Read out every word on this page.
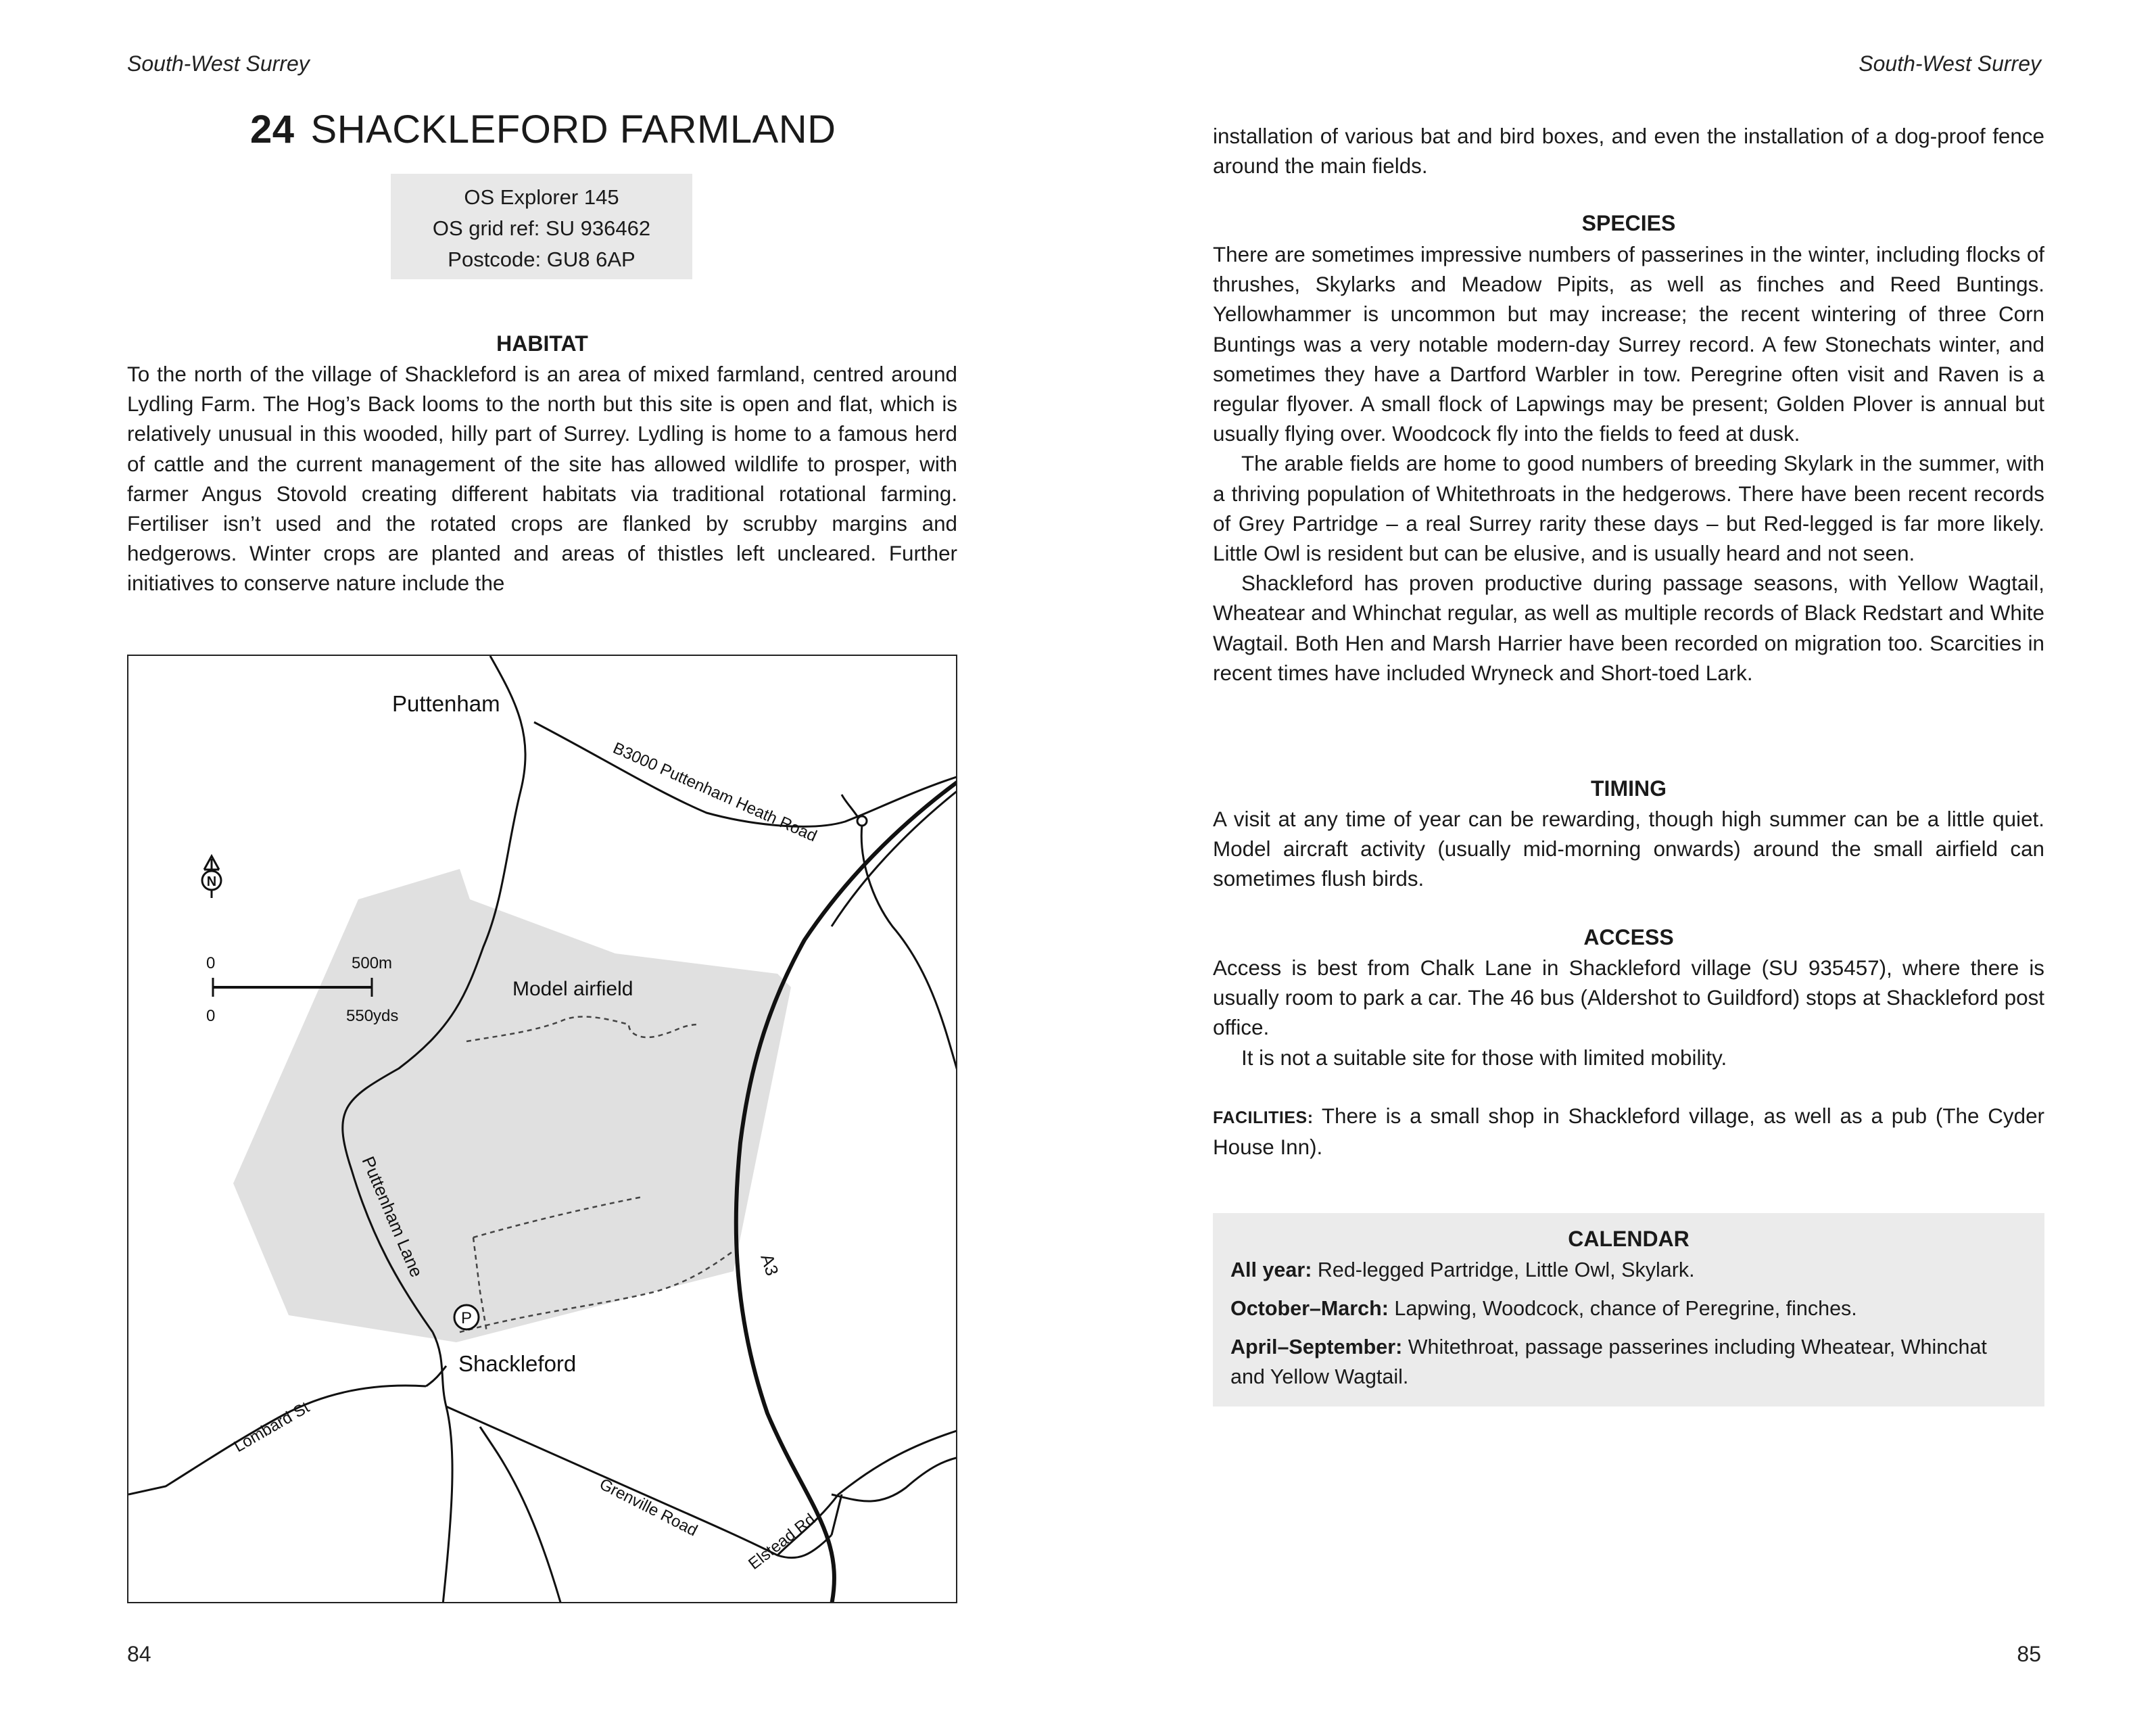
South-West Surrey
24 SHACKLEFORD FARMLAND
OS Explorer 145
OS grid ref: SU 936462
Postcode: GU8 6AP
HABITAT

To the north of the village of Shackleford is an area of mixed farmland, centred around Lydling Farm. The Hog’s Back looms to the north but this site is open and flat, which is relatively unusual in this wooded, hilly part of Surrey. Lydling is home to a famous herd of cattle and the current management of the site has allowed wildlife to prosper, with farmer Angus Stovold creating different habitats via traditional rotational farming. Fertiliser isn’t used and the rotated crops are flanked by scrubby margins and hedgerows. Winter crops are planted and areas of thistles left uncleared. Further initiatives to conserve nature include the

N
0	500m
0	550yds
P
Puttenham
B3000 Puttenham Heath Road
Model airfield
Puttenham Lane
Shackleford
A3
Lombard St
Grenville Road
Elstead Rd
84
South-West Surrey

installation of various bat and bird boxes, and even the installation of a dog-proof fence around the main fields.

SPECIES

There are sometimes impressive numbers of passerines in the winter, including flocks of thrushes, Skylarks and Meadow Pipits, as well as finches and Reed Buntings. Yellowhammer is uncommon but may increase; the recent wintering of three Corn Buntings was a very notable modern-day Surrey record. A few Stonechats winter, and sometimes they have a Dartford Warbler in tow. Peregrine often visit and Raven is a regular flyover. A small flock of Lapwings may be present; Golden Plover is annual but usually flying over. Woodcock fly into the fields to feed at dusk.

The arable fields are home to good numbers of breeding Skylark in the summer, with a thriving population of Whitethroats in the hedgerows. There have been recent records of Grey Partridge – a real Surrey rarity these days – but Red-legged is far more likely. Little Owl is resident but can be elusive, and is usually heard and not seen.

Shackleford has proven productive during passage seasons, with Yellow Wagtail, Wheatear and Whinchat regular, as well as multiple records of Black Redstart and White Wagtail. Both Hen and Marsh Harrier have been recorded on migration too. Scarcities in recent times have included Wryneck and Short-toed Lark.

TIMING

A visit at any time of year can be rewarding, though high summer can be a little quiet. Model aircraft activity (usually mid-morning onwards) around the small airfield can sometimes flush birds.

ACCESS

Access is best from Chalk Lane in Shackleford village (SU 935457), where there is usually room to park a car. The 46 bus (Aldershot to Guildford) stops at Shackleford post office.

It is not a suitable site for those with limited mobility.

FACILITIES: There is a small shop in Shackleford village, as well as a pub (The Cyder House Inn).

CALENDAR
All year: Red-legged Partridge, Little Owl, Skylark.
October–March: Lapwing, Woodcock, chance of Peregrine, finches.
April–September: Whitethroat, passage passerines including Wheatear, Whinchat and Yellow Wagtail.
85
